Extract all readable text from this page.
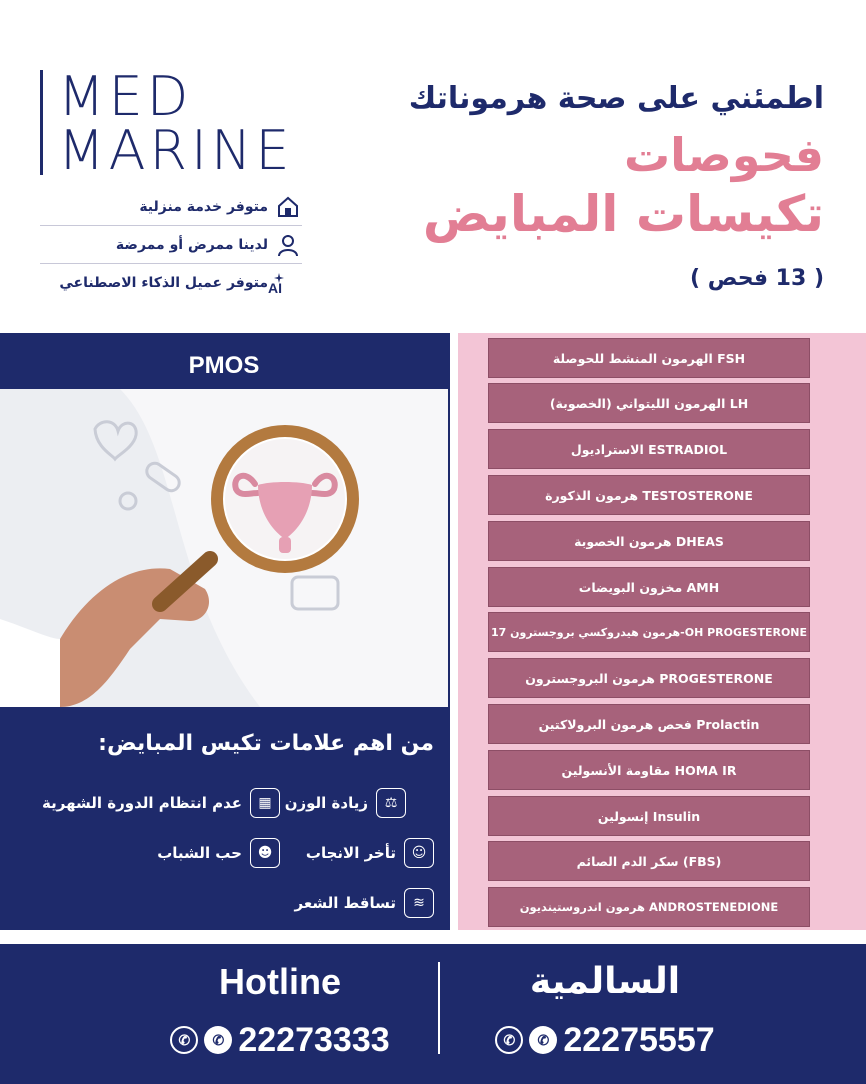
MED
MARINE
متوفر خدمة منزلية
لدينا ممرض أو ممرضة
AI
متوفر عميل الذكاء الاصطناعي
اطمئني على صحة هرموناتك
فحوصات
تكيسات المبايض
( 13 فحص )
PMOS
من اهم علامات تكيس المبايض:
⚖
زيادة الوزن
▦
عدم انتظام الدورة الشهرية
☺
تأخر الانجاب
☻
حب الشباب
≋
تساقط الشعر
الهرمون المنشط للحوصلة FSH
الهرمون الليتواني (الخصوبة) LH
الاستراديول ESTRADIOL
هرمون الذكورة TESTOSTERONE
هرمون الخصوبة DHEAS
مخزون البويضات AMH
هرمون هيدروكسي بروجسترون 17-OH PROGESTERONE
هرمون البروجسترون PROGESTERONE
فحص هرمون البرولاكتين Prolactin
مقاومة الأنسولين HOMA IR
إنسولين Insulin
سكر الدم الصائم (FBS)
هرمون اندروستينديون ANDROSTENEDIONE
Hotline
✆	✆ 22273333
السالمية
✆	✆ 22275557
